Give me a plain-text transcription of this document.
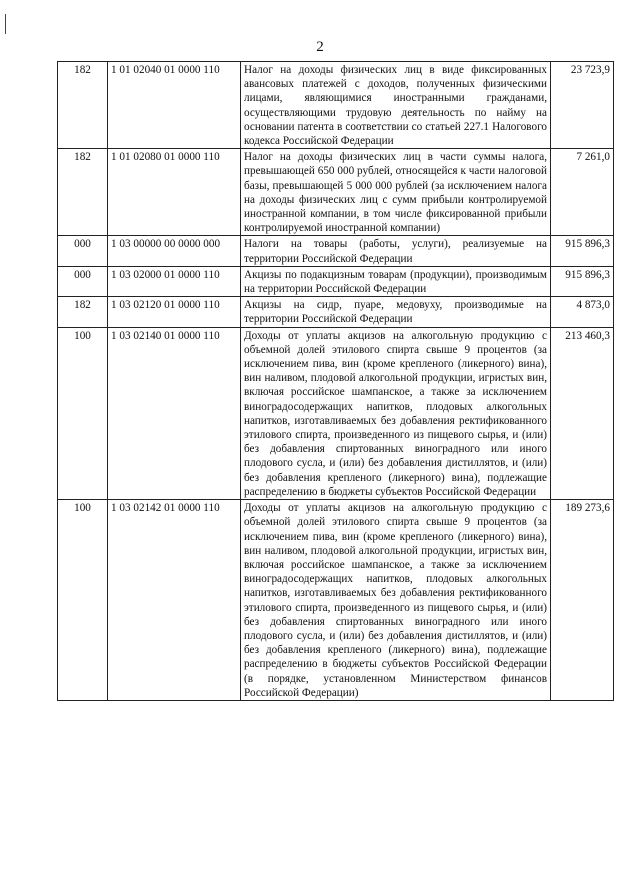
2
182	1 01 02040 01 0000 110	Налог на доходы физических лиц в виде фиксированных авансовых платежей с доходов, полученных физическими лицами, являющимися иностранными гражданами, осуществляющими трудовую деятельность по найму на основании патента в соответствии со статьей 227.1 Налогового кодекса Российской Федерации	23 723,9
182	1 01 02080 01 0000 110	Налог на доходы физических лиц в части суммы налога, превышающей 650 000 рублей, относящейся к части налоговой базы, превышающей 5 000 000 рублей (за исключением налога на доходы физических лиц с сумм прибыли контролируемой иностранной компании, в том числе фиксированной прибыли контролируемой иностранной компании)	7 261,0
000	1 03 00000 00 0000 000	Налоги на товары (работы, услуги), реализуемые на территории Российской Федерации	915 896,3
000	1 03 02000 01 0000 110	Акцизы по подакцизным товарам (продукции), производимым на территории Российской Федерации	915 896,3
182	1 03 02120 01 0000 110	Акцизы на сидр, пуаре, медовуху, производимые на территории Российской Федерации	4 873,0
100	1 03 02140 01 0000 110	Доходы от уплаты акцизов на алкогольную продукцию с объемной долей этилового спирта свыше 9 процентов (за исключением пива, вин (кроме крепленого (ликерного) вина), вин наливом, плодовой алкогольной продукции, игристых вин, включая российское шампанское, а также за исключением виноградосодержащих напитков, плодовых алкогольных напитков, изготавливаемых без добавления ректификованного этилового спирта, произведенного из пищевого сырья, и (или) без добавления спиртованных виноградного или иного плодового сусла, и (или) без добавления дистиллятов, и (или) без добавления крепленого (ликерного) вина), подлежащие распределению в бюджеты субъектов Российской Федерации	213 460,3
100	1 03 02142 01 0000 110	Доходы от уплаты акцизов на алкогольную продукцию с объемной долей этилового спирта свыше 9 процентов (за исключением пива, вин (кроме крепленого (ликерного) вина), вин наливом, плодовой алкогольной продукции, игристых вин, включая российское шампанское, а также за исключением виноградосодержащих напитков, плодовых алкогольных напитков, изготавливаемых без добавления ректификованного этилового спирта, произведенного из пищевого сырья, и (или) без добавления спиртованных виноградного или иного плодового сусла, и (или) без добавления дистиллятов, и (или) без добавления крепленого (ликерного) вина), подлежащие распределению в бюджеты субъектов Российской Федерации (в порядке, установленном Министерством финансов Российской Федерации)	189 273,6
